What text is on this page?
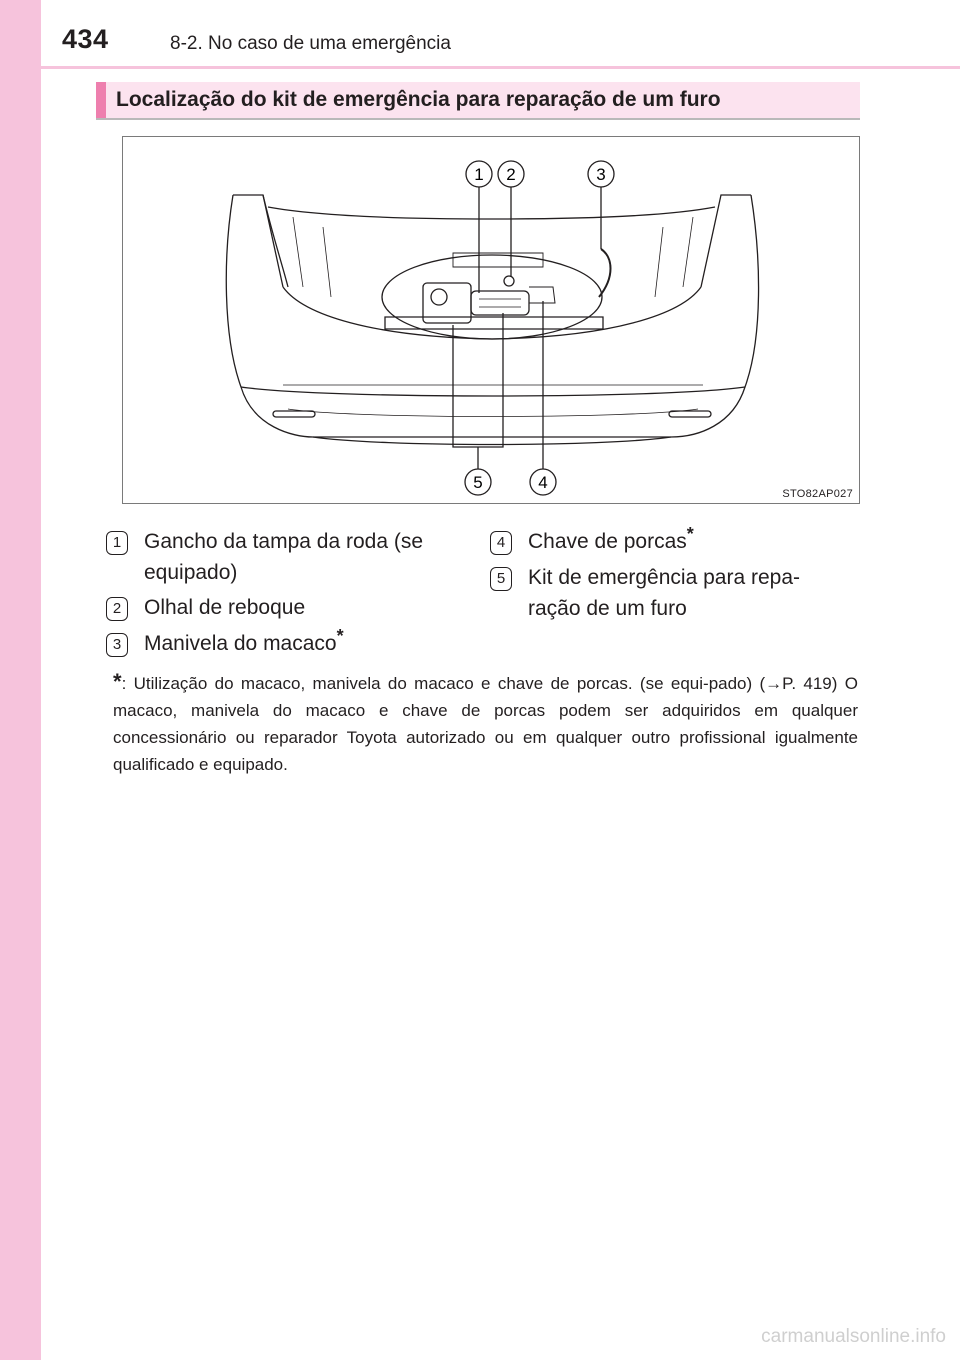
434	8-2. No caso de uma emergência
Localização do kit de emergência para reparação de um furo
1 2	3
4
5
STO82AP027
1	Gancho da tampa da roda (se equipado)
2	Olhal de reboque
3	Manivela do macaco*
4	Chave de porcas*
5	Kit de emergência para repa-ração de um furo
*: Utilização do macaco, manivela do macaco e chave de porcas. (se equi-pado) (→P. 419) O macaco, manivela do macaco e chave de porcas podem ser adquiridos em qualquer concessionário ou reparador Toyota autorizado ou em qualquer outro profissional igualmente qualificado e equipado.
carmanualsonline.info
